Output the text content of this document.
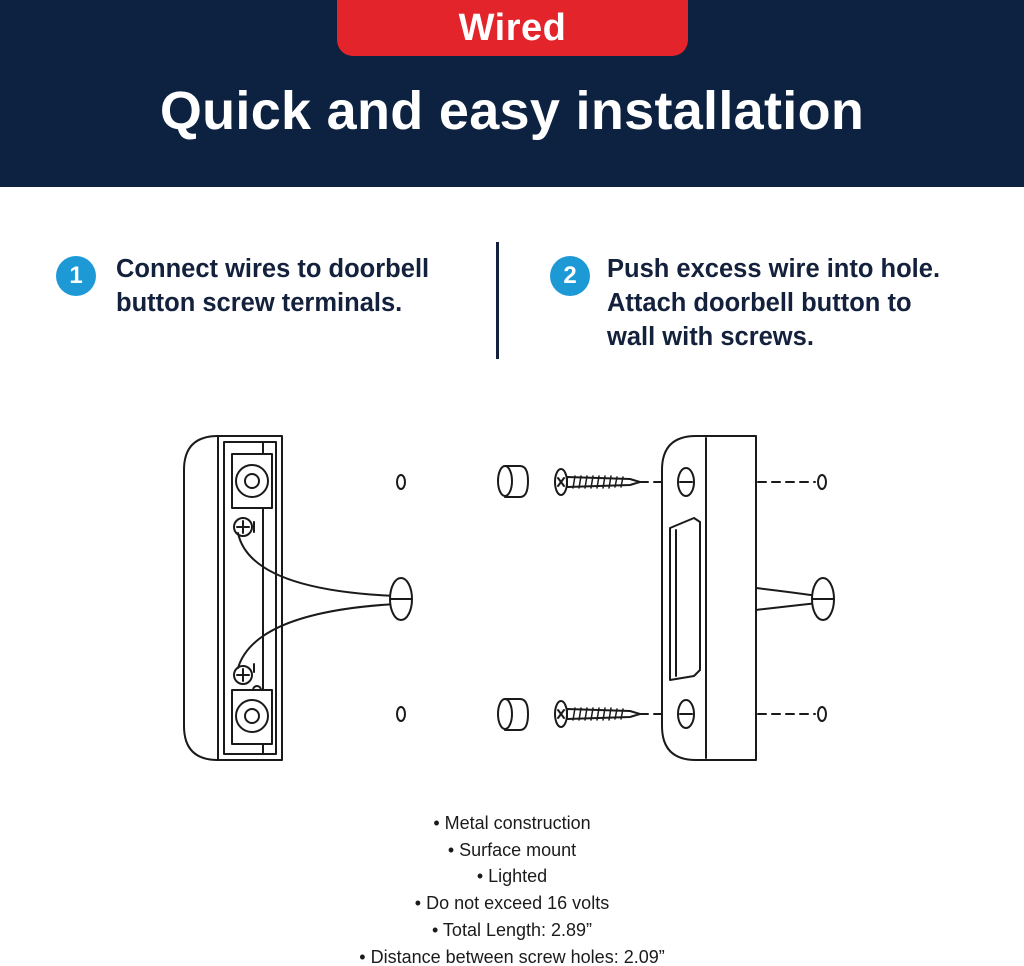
Wired
Quick and easy installation
1	Connect wires to doorbell
button screw terminals.
2	Push excess wire into hole.
Attach doorbell button to
wall with screws.
• Metal construction
• Surface mount
• Lighted
• Do not exceed 16 volts
• Total Length: 2.89”
• Distance between screw holes: 2.09”
